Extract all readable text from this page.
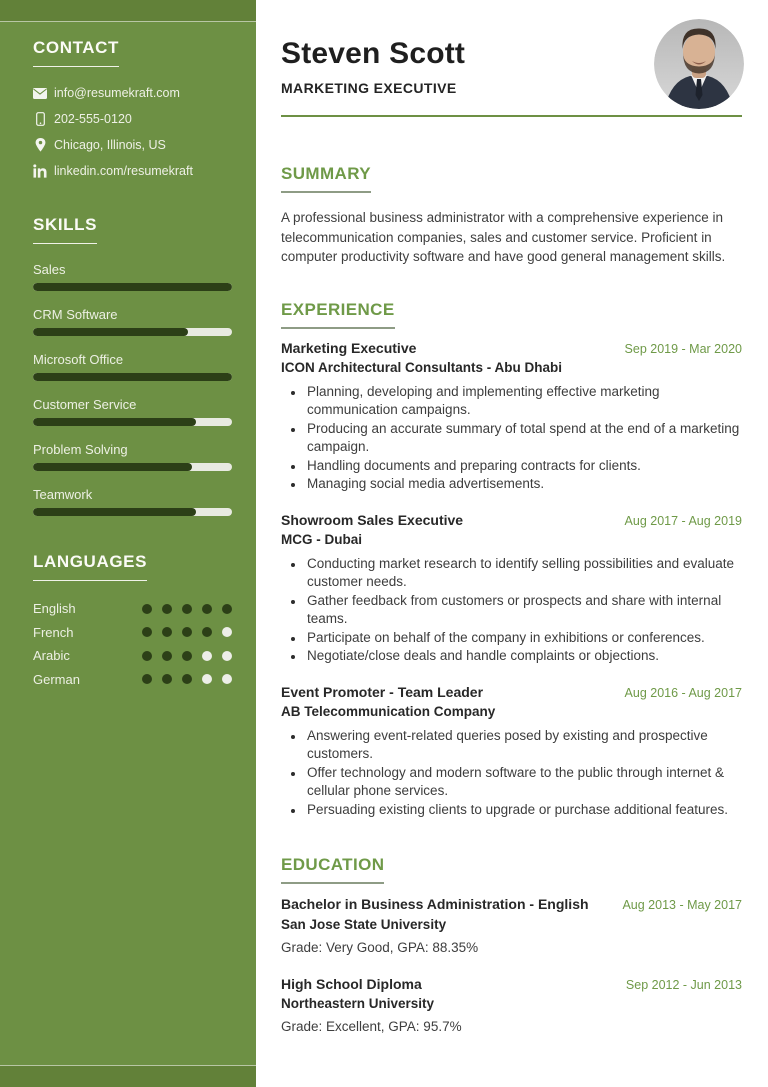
CONTACT
info@resumekraft.com
202-555-0120
Chicago, Illinois, US
linkedin.com/resumekraft
SKILLS
Sales
CRM Software
Microsoft Office
Customer Service
Problem Solving
Teamwork
LANGUAGES
English
French
Arabic
German
Steven Scott
MARKETING EXECUTIVE
SUMMARY
A professional business administrator with a comprehensive experience in telecommunication companies, sales and customer service. Proficient in computer productivity software and have good general management skills.
EXPERIENCE
Marketing Executive	Sep 2019 - Mar 2020
ICON Architectural Consultants - Abu Dhabi
• Planning, developing and implementing effective marketing communication campaigns.
• Producing an accurate summary of total spend at the end of a marketing campaign.
• Handling documents and preparing contracts for clients.
• Managing social media advertisements.
Showroom Sales Executive	Aug 2017 - Aug 2019
MCG - Dubai
• Conducting market research to identify selling possibilities and evaluate customer needs.
• Gather feedback from customers or prospects and share with internal teams.
• Participate on behalf of the company in exhibitions or conferences.
• Negotiate/close deals and handle complaints or objections.
Event Promoter - Team Leader	Aug 2016 - Aug 2017
AB Telecommunication Company
• Answering event-related queries posed by existing and prospective customers.
• Offer technology and modern software to the public through internet & cellular phone services.
• Persuading existing clients to upgrade or purchase additional features.
EDUCATION
Bachelor in Business Administration - English	Aug 2013 - May 2017
San Jose State University
Grade: Very Good, GPA: 88.35%
High School Diploma	Sep 2012 - Jun 2013
Northeastern University
Grade: Excellent, GPA: 95.7%
